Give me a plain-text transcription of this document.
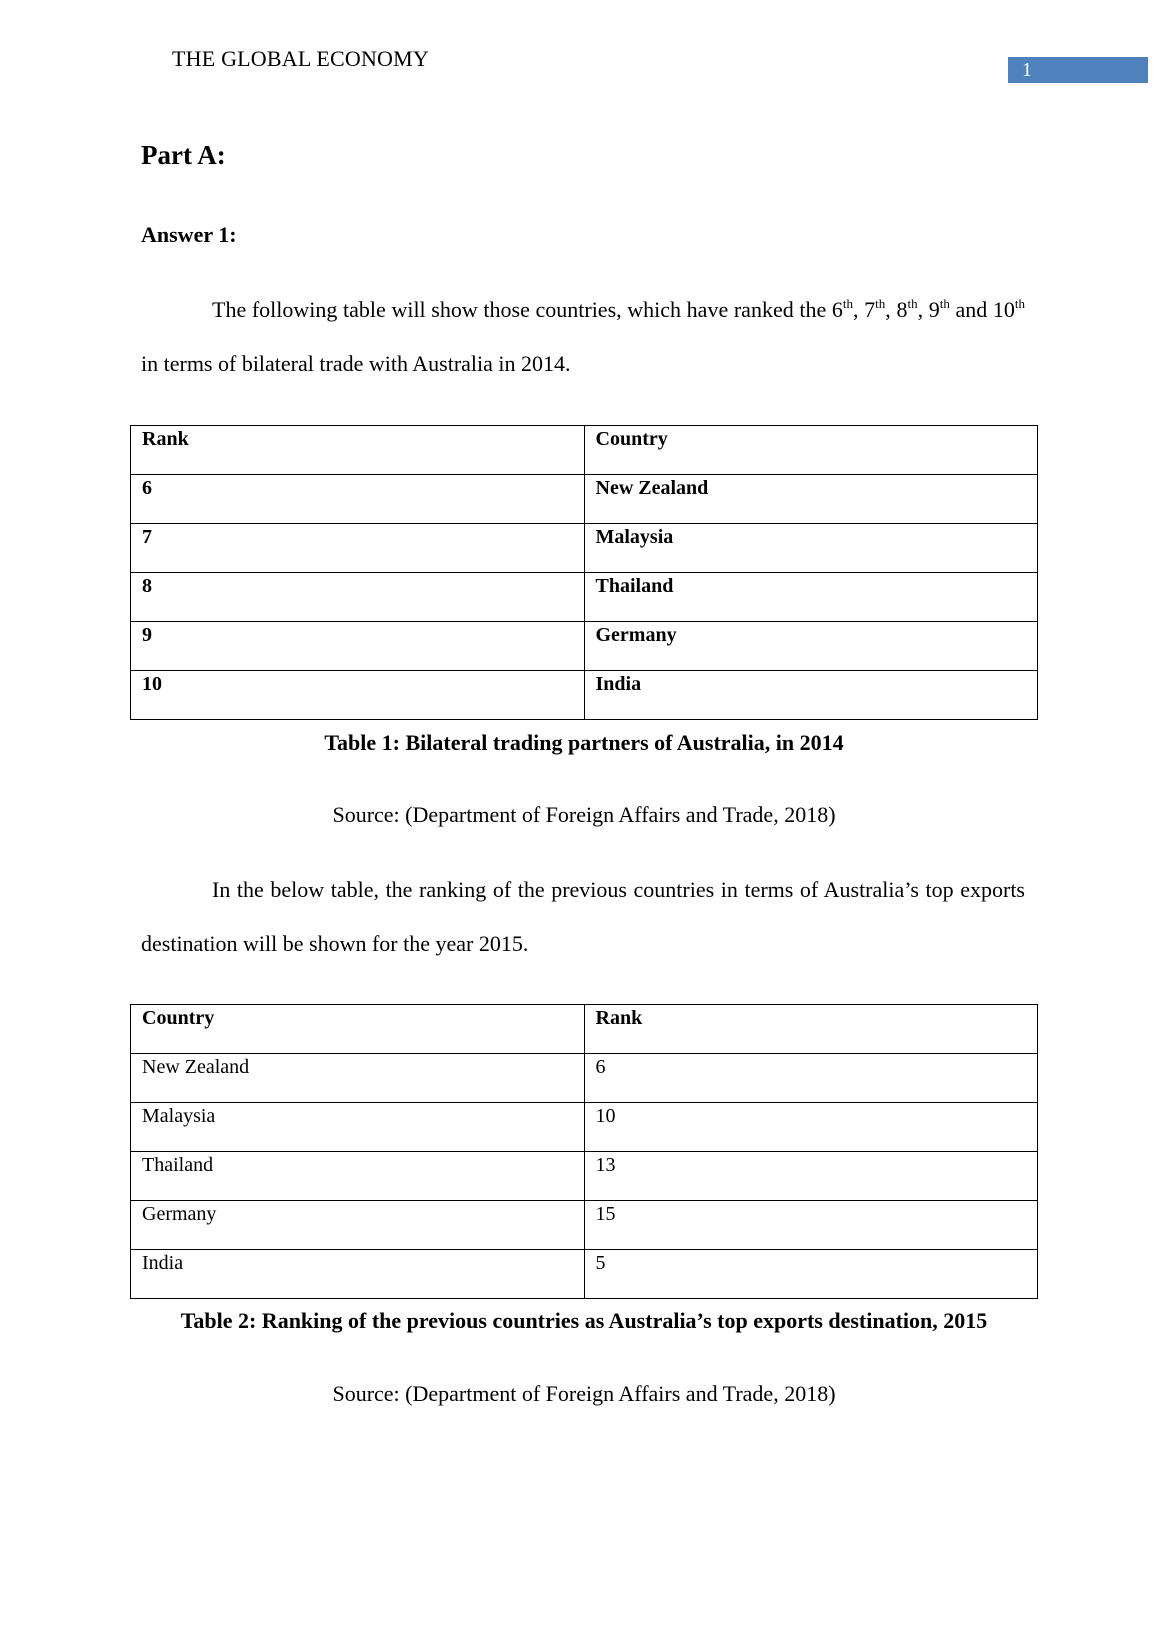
THE GLOBAL ECONOMY	1
Part A:
Answer 1:
The following table will show those countries, which have ranked the 6th, 7th, 8th, 9th and 10th in terms of bilateral trade with Australia in 2014.
Rank	Country
6	New Zealand
7	Malaysia
8	Thailand
9	Germany
10	India
Table 1: Bilateral trading partners of Australia, in 2014
Source: (Department of Foreign Affairs and Trade, 2018)
In the below table, the ranking of the previous countries in terms of Australia’s top exports destination will be shown for the year 2015.
Country	Rank
New Zealand	6
Malaysia	10
Thailand	13
Germany	15
India	5
Table 2: Ranking of the previous countries as Australia’s top exports destination, 2015
Source: (Department of Foreign Affairs and Trade, 2018)
